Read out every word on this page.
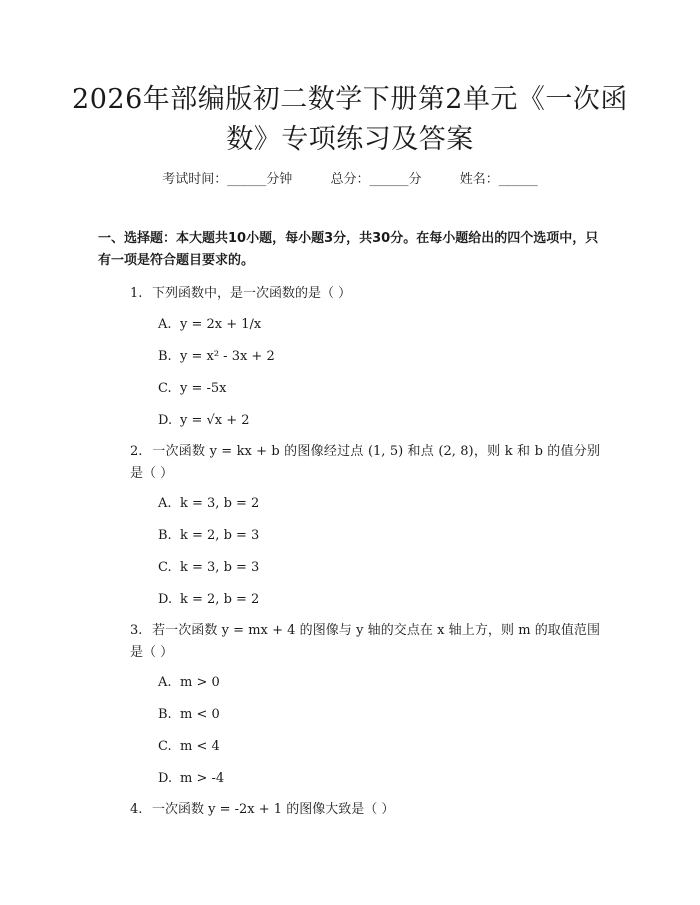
2026年部编版初二数学下册第2单元《一次函数》专项练习及答案
考试时间：______分钟	总分：______分	姓名：______
一、选择题：本大题共10小题，每小题3分，共30分。在每小题给出的四个选项中，只有一项是符合题目要求的。
1. 下列函数中，是一次函数的是（ ）
A. y = 2x + 1/x
B. y = x² - 3x + 2
C. y = -5x
D. y = √x + 2
2. 一次函数 y = kx + b 的图像经过点 (1, 5) 和点 (2, 8)，则 k 和 b 的值分别是（ ）
A. k = 3, b = 2
B. k = 2, b = 3
C. k = 3, b = 3
D. k = 2, b = 2
3. 若一次函数 y = mx + 4 的图像与 y 轴的交点在 x 轴上方，则 m 的取值范围是（ ）
A. m > 0
B. m < 0
C. m < 4
D. m > -4
4. 一次函数 y = -2x + 1 的图像大致是（ ）
